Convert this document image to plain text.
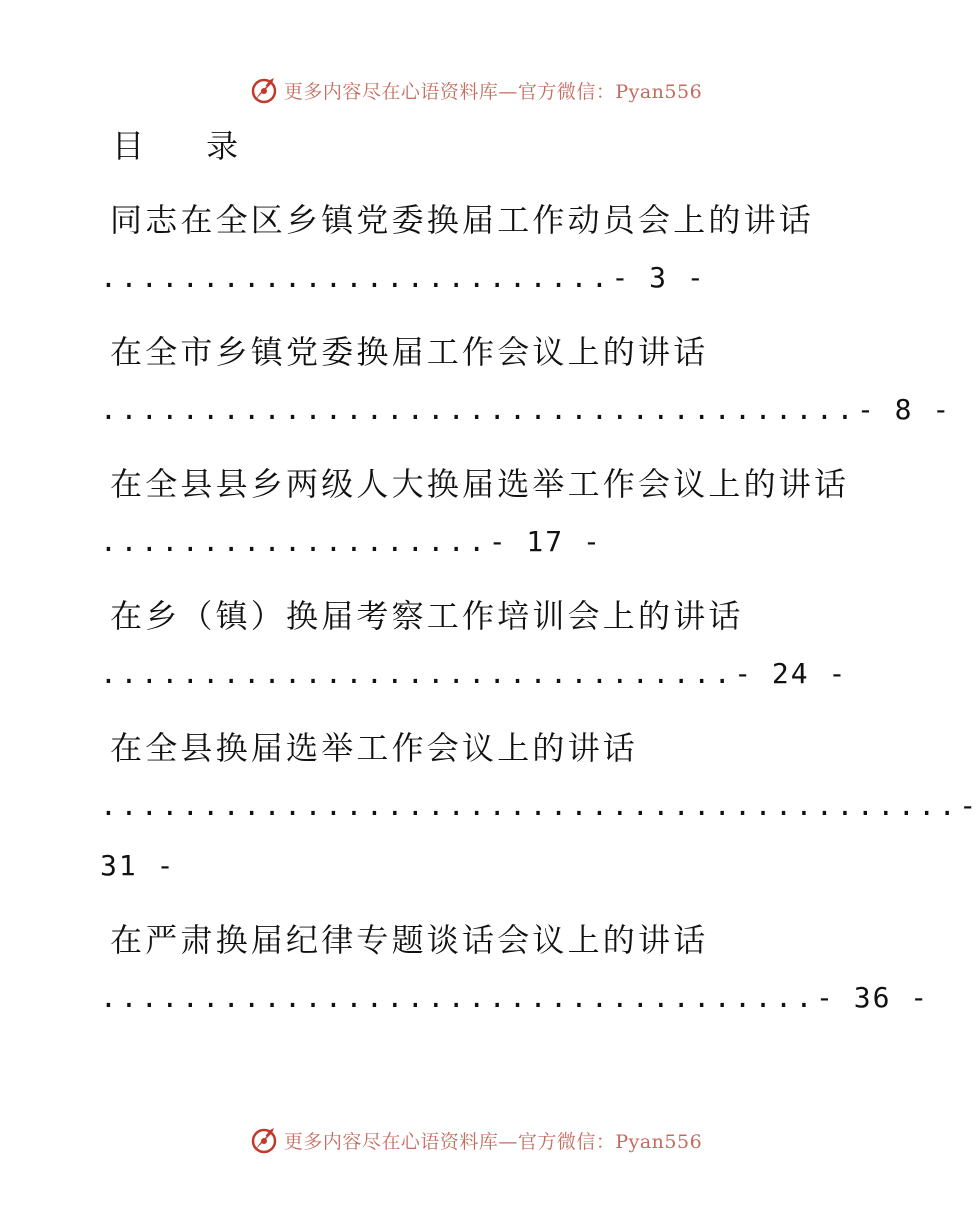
更多内容尽在心语资料库—官方微信：Pyan556
目 录
同志在全区乡镇党委换届工作动员会上的讲话
.........................- 3 -
在全市乡镇党委换届工作会议上的讲话
.....................................- 8 -
在全县县乡两级人大换届选举工作会议上的讲话
...................- 17 -
在乡（镇）换届考察工作培训会上的讲话
...............................- 24 -
在全县换届选举工作会议上的讲话
..........................................-
31 -
在严肃换届纪律专题谈话会议上的讲话
...................................- 36 -
更多内容尽在心语资料库—官方微信：Pyan556
